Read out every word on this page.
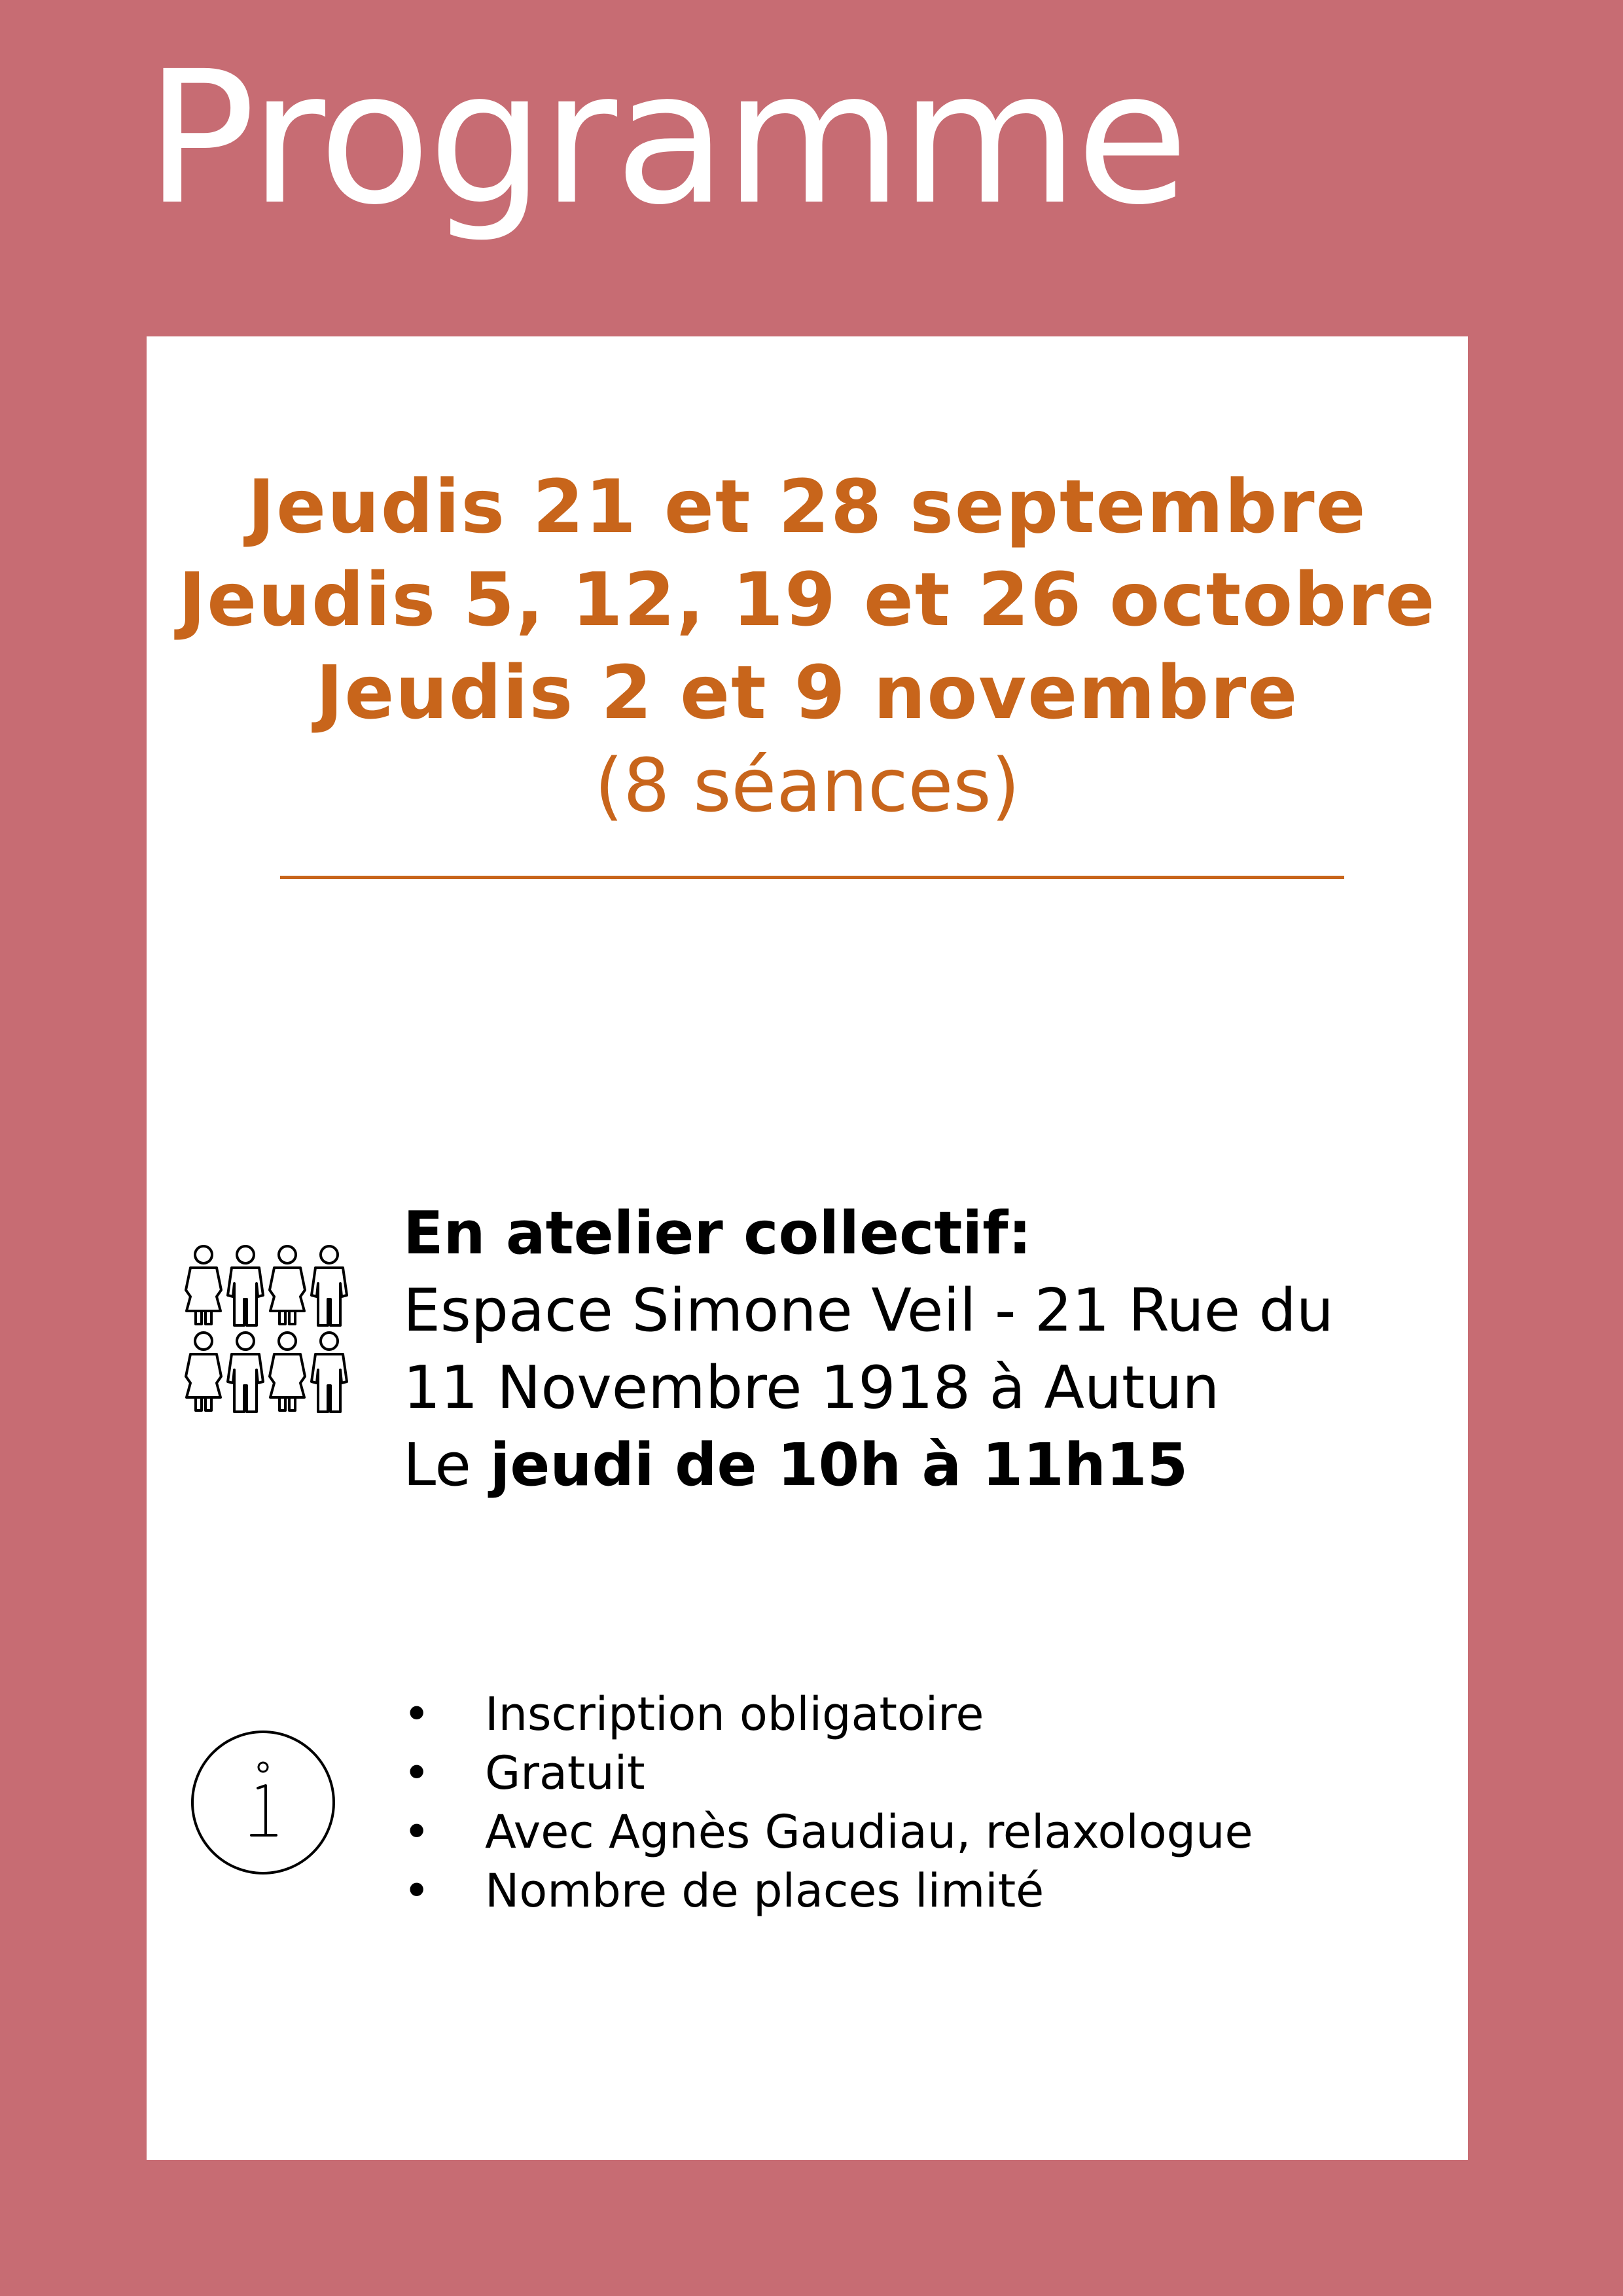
Programme
Jeudis 21 et 28 septembre
Jeudis 5, 12, 19 et 26 octobre
Jeudis 2 et 9 novembre
(8 séances)
En atelier collectif:
Espace Simone Veil - 21 Rue du
11 Novembre 1918 à Autun
Le jeudi de 10h à 11h15
• Inscription obligatoire
• Gratuit
• Avec Agnès Gaudiau, relaxologue
• Nombre de places limité
